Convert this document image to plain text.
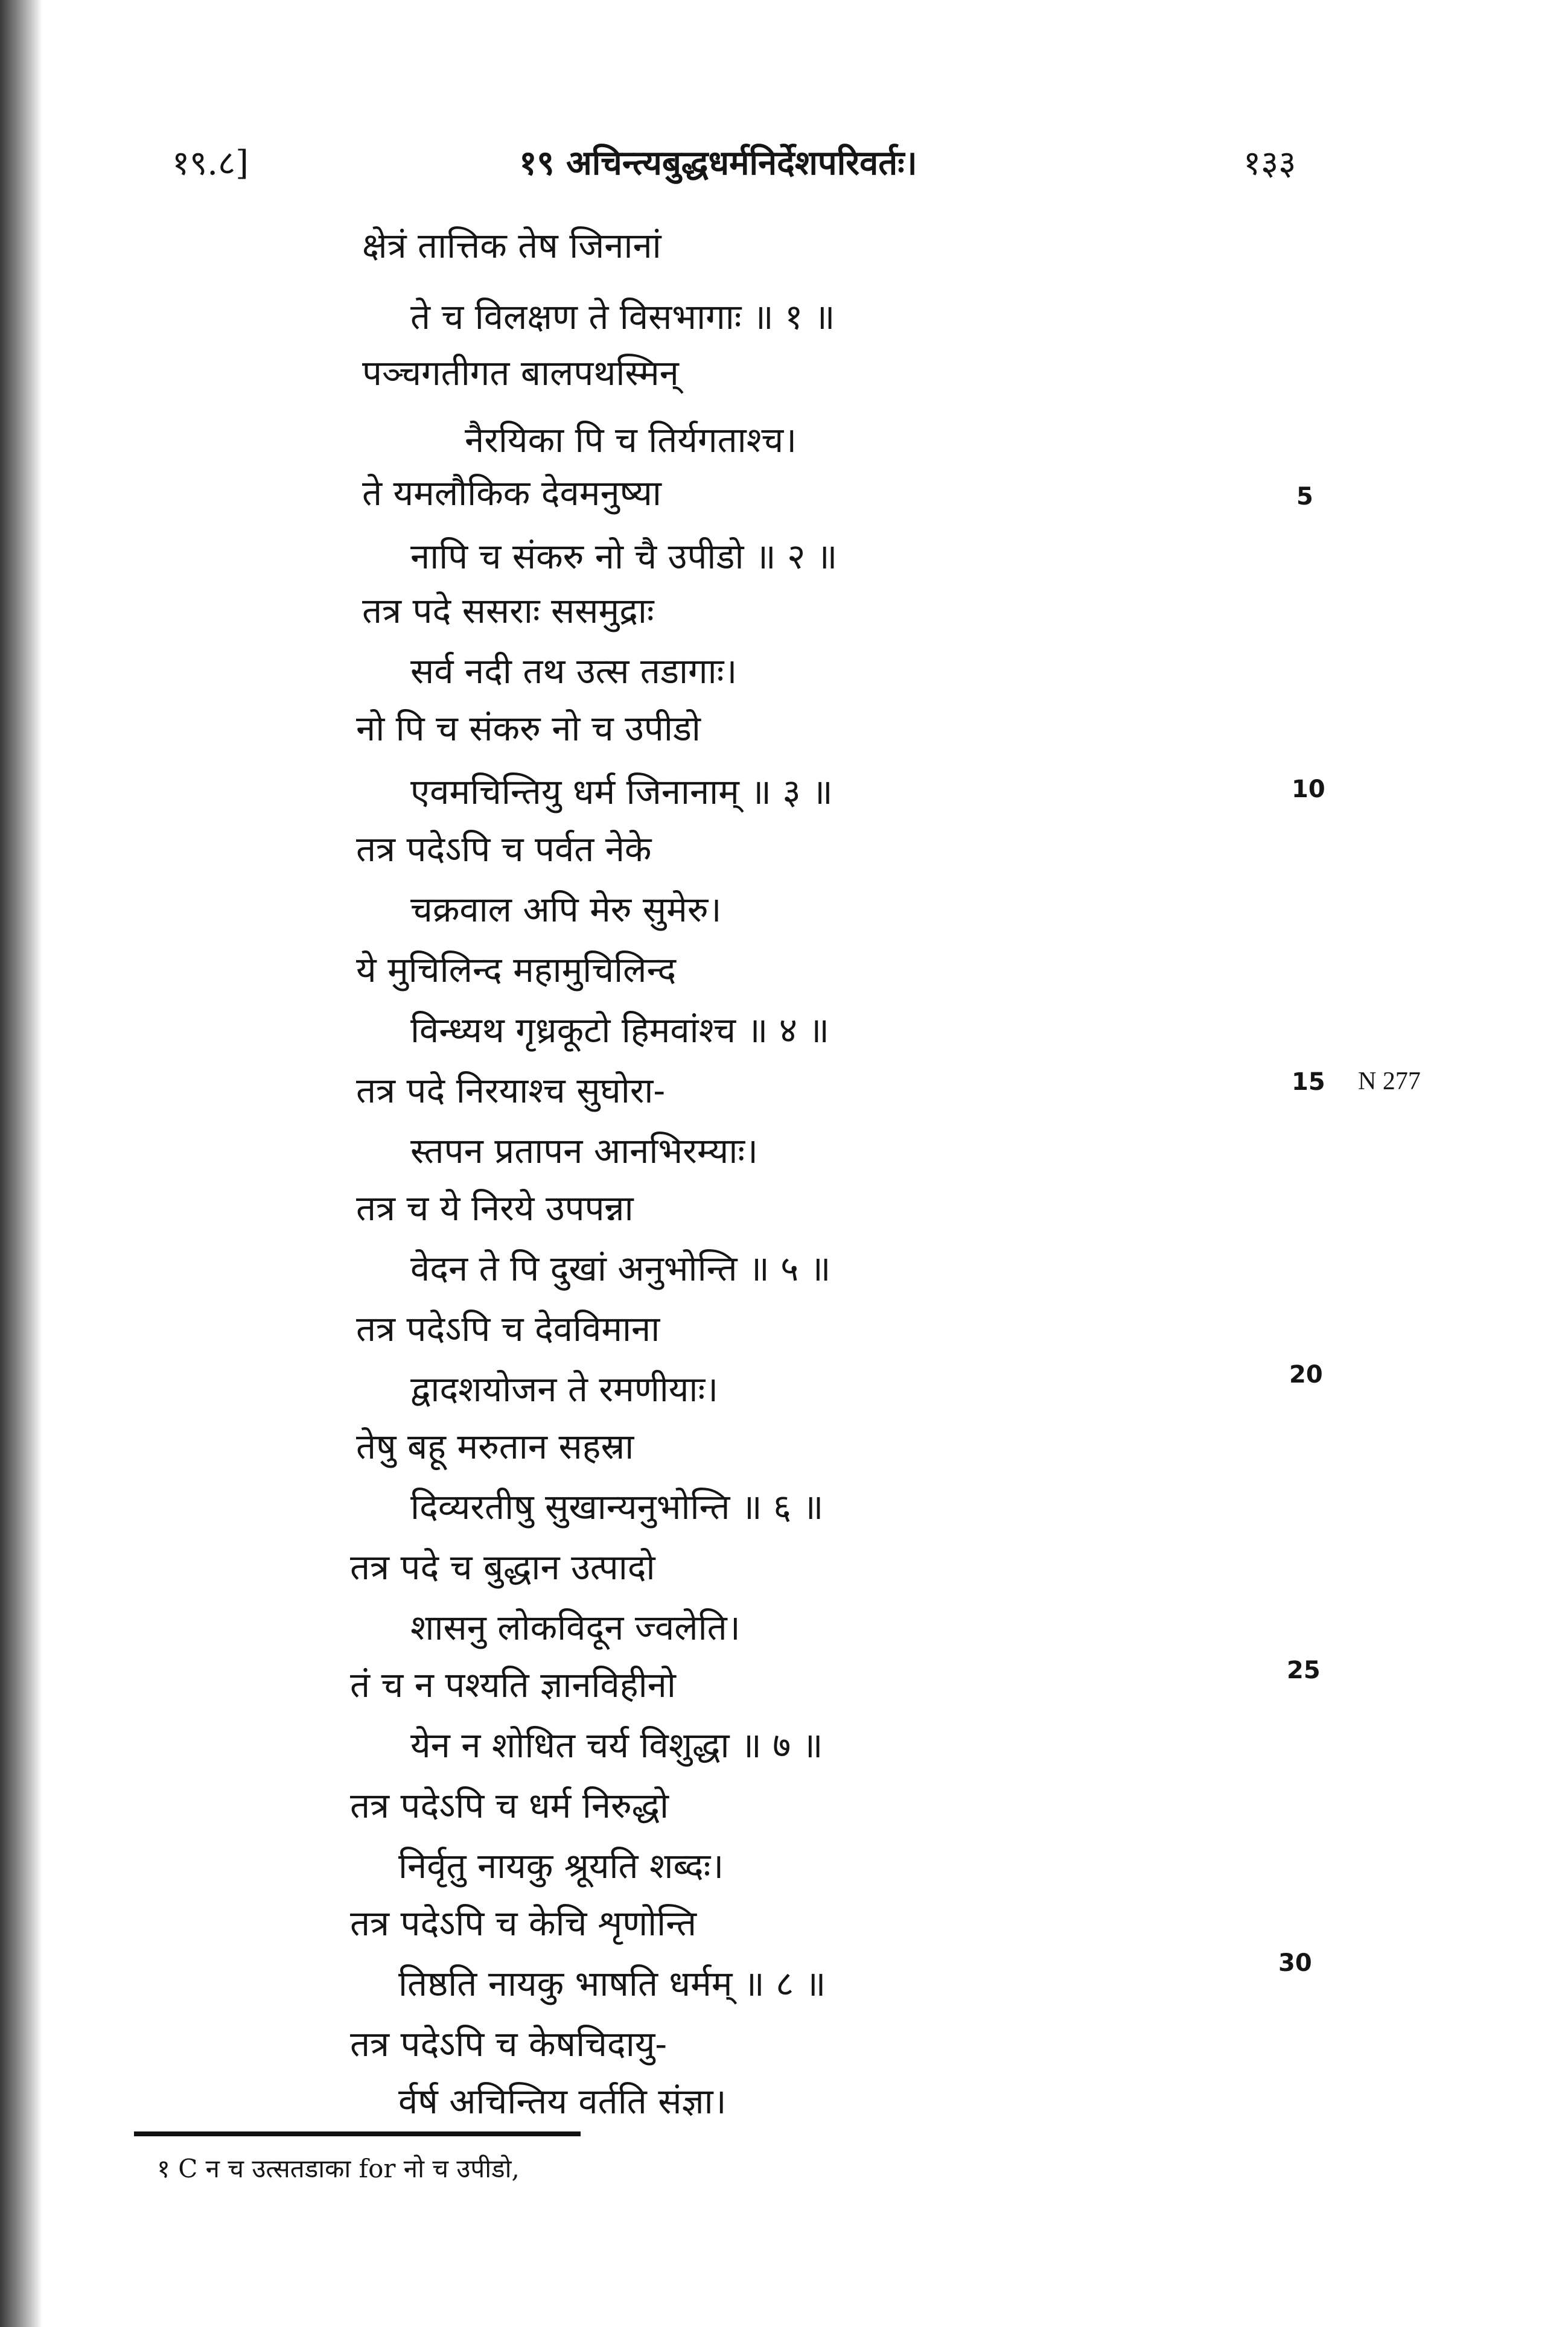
१९.८]	१९ अचिन्त्यबुद्धधर्मनिर्देशपरिवर्तः।	१३३
क्षेत्रं तात्तिक तेष जिनानां
ते च विलक्षण ते विसभागाः ॥ १ ॥
पञ्चगतीगत बालपथस्मिन्
नैरयिका पि च तिर्यगताश्च।
ते यमलौकिक देवमनुष्या
नापि च संकरु नो चै उपीडो ॥ २ ॥
तत्र पदे ससराः ससमुद्राः
सर्व नदी तथ उत्स तडागाः।
नो पि च संकरु नो च उपीडो
एवमचिन्तियु धर्म जिनानाम् ॥ ३ ॥
तत्र पदेऽपि च पर्वत नेके
चक्रवाल अपि मेरु सुमेरु।
ये मुचिलिन्द महामुचिलिन्द
विन्ध्यथ गृध्रकूटो हिमवांश्च ॥ ४ ॥
तत्र पदे निरयाश्च सुघोरा-
स्तपन प्रतापन आनभिरम्याः।
तत्र च ये निरये उपपन्ना
वेदन ते पि दुखां अनुभोन्ति ॥ ५ ॥
तत्र पदेऽपि च देवविमाना
द्वादशयोजन ते रमणीयाः।
तेषु बहू मरुतान सहस्रा
दिव्यरतीषु सुखान्यनुभोन्ति ॥ ६ ॥
तत्र पदे च बुद्धान उत्पादो
शासनु लोकविदून ज्वलेति।
तं च न पश्यति ज्ञानविहीनो
येन न शोधित चर्य विशुद्धा ॥ ७ ॥
तत्र पदेऽपि च धर्म निरुद्धो
निर्वृतु नायकु श्रूयति शब्दः।
तत्र पदेऽपि च केचि शृणोन्ति
तिष्ठति नायकु भाषति धर्मम् ॥ ८ ॥
तत्र पदेऽपि च केषचिदायु-
र्वर्ष अचिन्तिय वर्तति संज्ञा।
5
10
15
20
25
30
N 277
१ C न च उत्सतडाका for नो च उपीडो,
